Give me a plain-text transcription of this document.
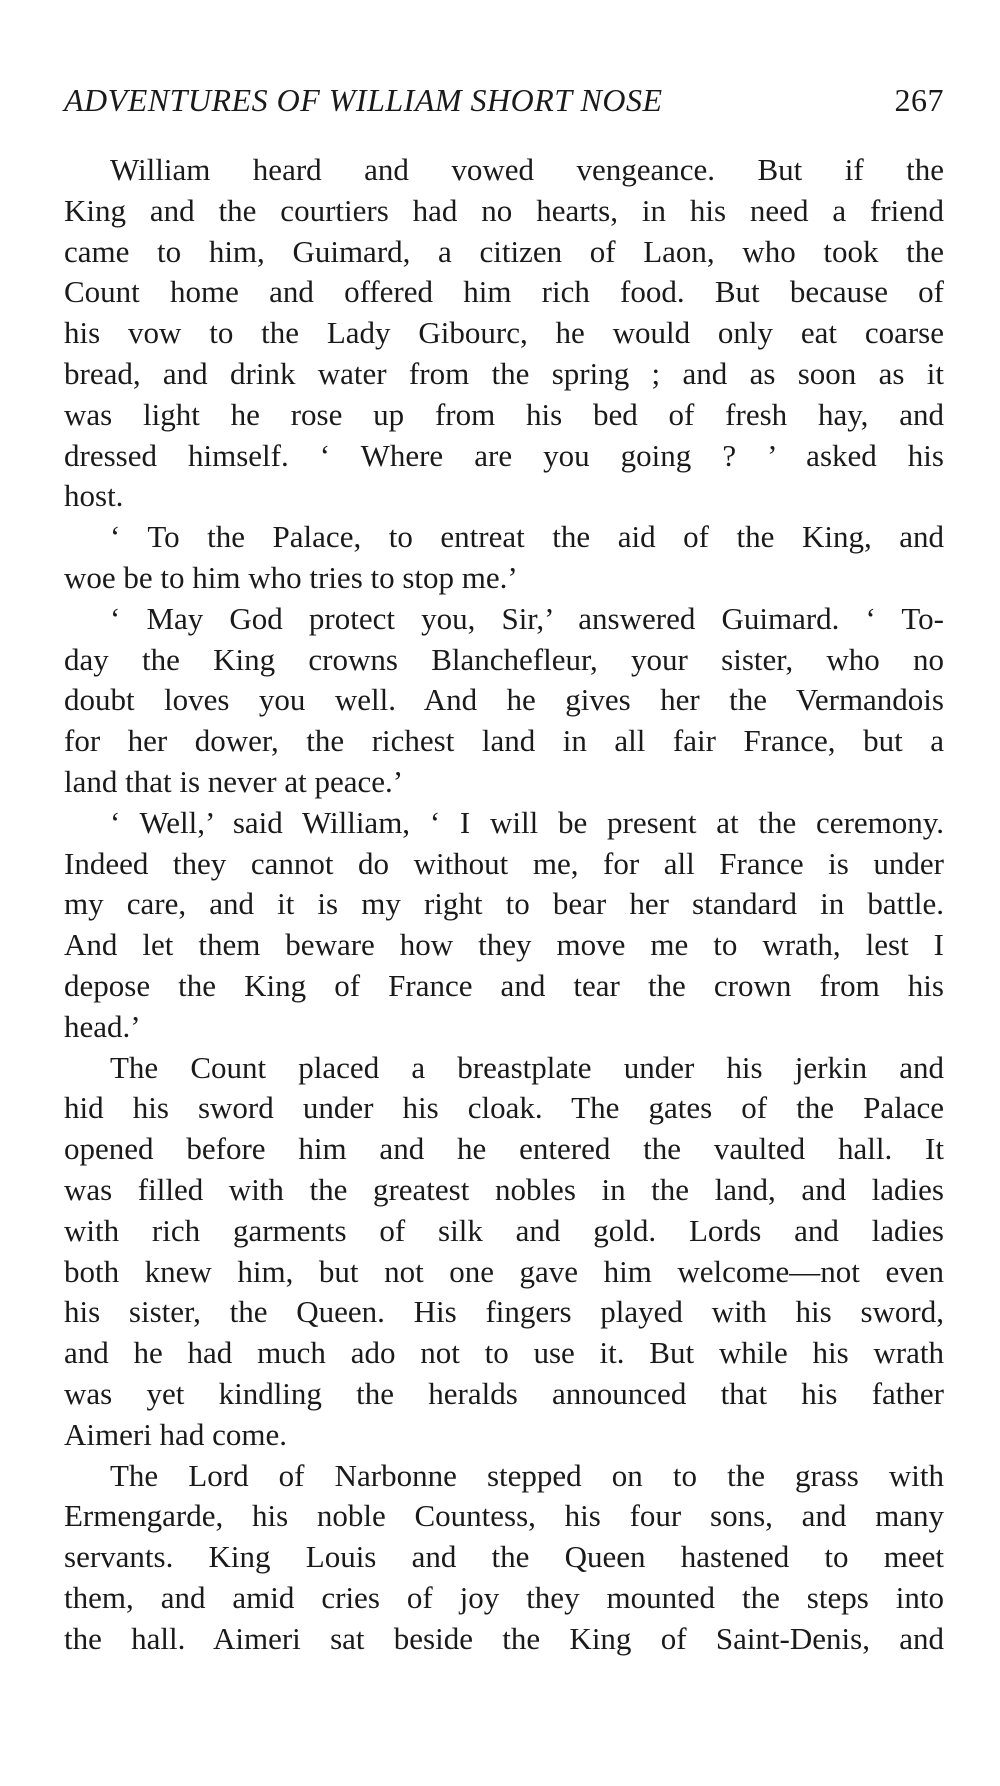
ADVENTURES OF WILLIAM SHORT NOSE	267

William heard and vowed vengeance. But if the
King and the courtiers had no hearts, in his need a friend
came to him, Guimard, a citizen of Laon, who took the
Count home and offered him rich food. But because of
his vow to the Lady Gibourc, he would only eat coarse
bread, and drink water from the spring ; and as soon as it
was light he rose up from his bed of fresh hay, and
dressed himself. ‘ Where are you going ? ’ asked his
host.

‘ To the Palace, to entreat the aid of the King, and
woe be to him who tries to stop me.’

‘ May God protect you, Sir,’ answered Guimard. ‘ To-
day the King crowns Blanchefleur, your sister, who no
doubt loves you well. And he gives her the Vermandois
for her dower, the richest land in all fair France, but a
land that is never at peace.’

‘ Well,’ said William, ‘ I will be present at the ceremony.
Indeed they cannot do without me, for all France is under
my care, and it is my right to bear her standard in battle.
And let them beware how they move me to wrath, lest I
depose the King of France and tear the crown from his
head.’

The Count placed a breastplate under his jerkin and
hid his sword under his cloak. The gates of the Palace
opened before him and he entered the vaulted hall. It
was filled with the greatest nobles in the land, and ladies
with rich garments of silk and gold. Lords and ladies
both knew him, but not one gave him welcome—not even
his sister, the Queen. His fingers played with his sword,
and he had much ado not to use it. But while his wrath
was yet kindling the heralds announced that his father
Aimeri had come.

The Lord of Narbonne stepped on to the grass with
Ermengarde, his noble Countess, his four sons, and many
servants. King Louis and the Queen hastened to meet
them, and amid cries of joy they mounted the steps into
the hall. Aimeri sat beside the King of Saint-Denis, and
